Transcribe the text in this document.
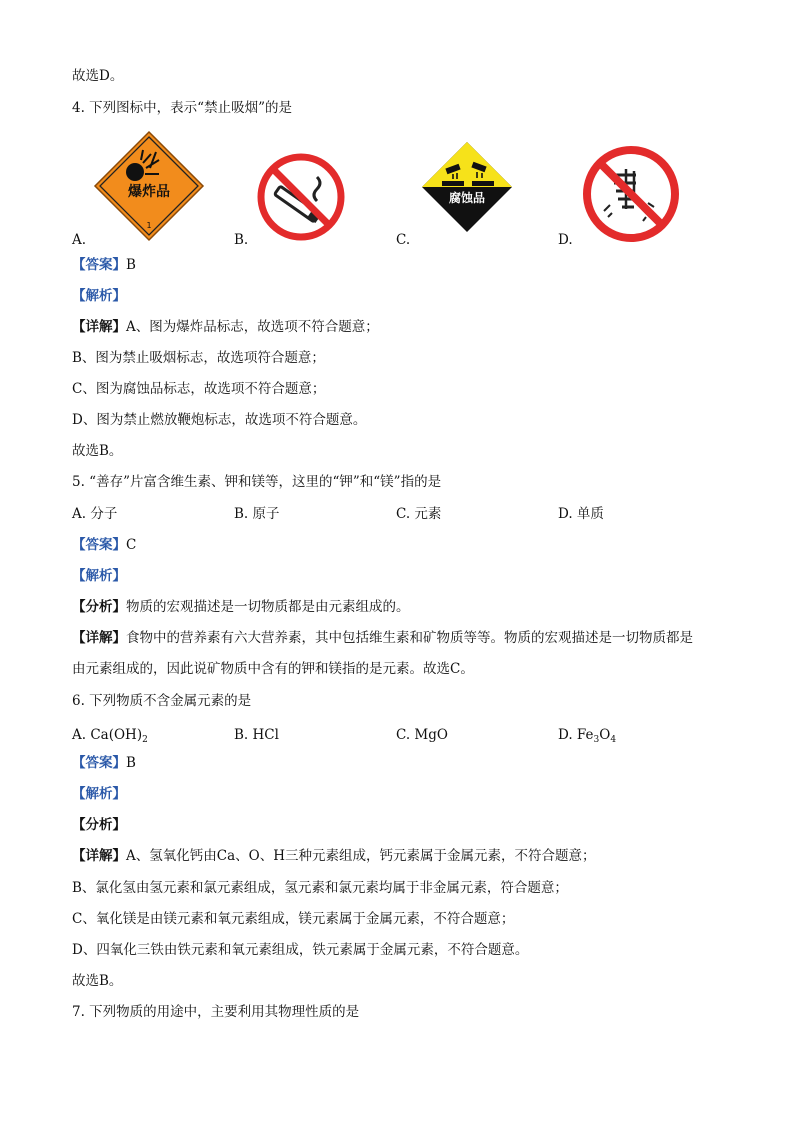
故选D。
4. 下列图标中，表示“禁止吸烟”的是
爆炸品
1
腐蚀品
A.	B.	C.	D.
【答案】B
【解析】
【详解】A、图为爆炸品标志，故选项不符合题意；
B、图为禁止吸烟标志，故选项符合题意；
C、图为腐蚀品标志，故选项不符合题意；
D、图为禁止燃放鞭炮标志，故选项不符合题意。
故选B。
5. “善存”片富含维生素、钾和镁等，这里的“钾”和“镁”指的是
A. 分子	B. 原子	C. 元素	D. 单质
【答案】C
【解析】
【分析】物质的宏观描述是一切物质都是由元素组成的。
【详解】食物中的营养素有六大营养素，其中包括维生素和矿物质等等。物质的宏观描述是一切物质都是
由元素组成的，因此说矿物质中含有的钾和镁指的是元素。故选C。
6. 下列物质不含金属元素的是
A. $Ca(OH)_2$	B. HCl	C. MgO	D. $Fe_3O_4$
【答案】B
【解析】
【分析】
【详解】A、氢氧化钙由Ca、O、H三种元素组成，钙元素属于金属元素，不符合题意；
B、氯化氢由氢元素和氯元素组成，氢元素和氯元素均属于非金属元素，符合题意；
C、氧化镁是由镁元素和氧元素组成，镁元素属于金属元素，不符合题意；
D、四氧化三铁由铁元素和氧元素组成，铁元素属于金属元素，不符合题意。
故选B。
7. 下列物质的用途中，主要利用其物理性质的是
